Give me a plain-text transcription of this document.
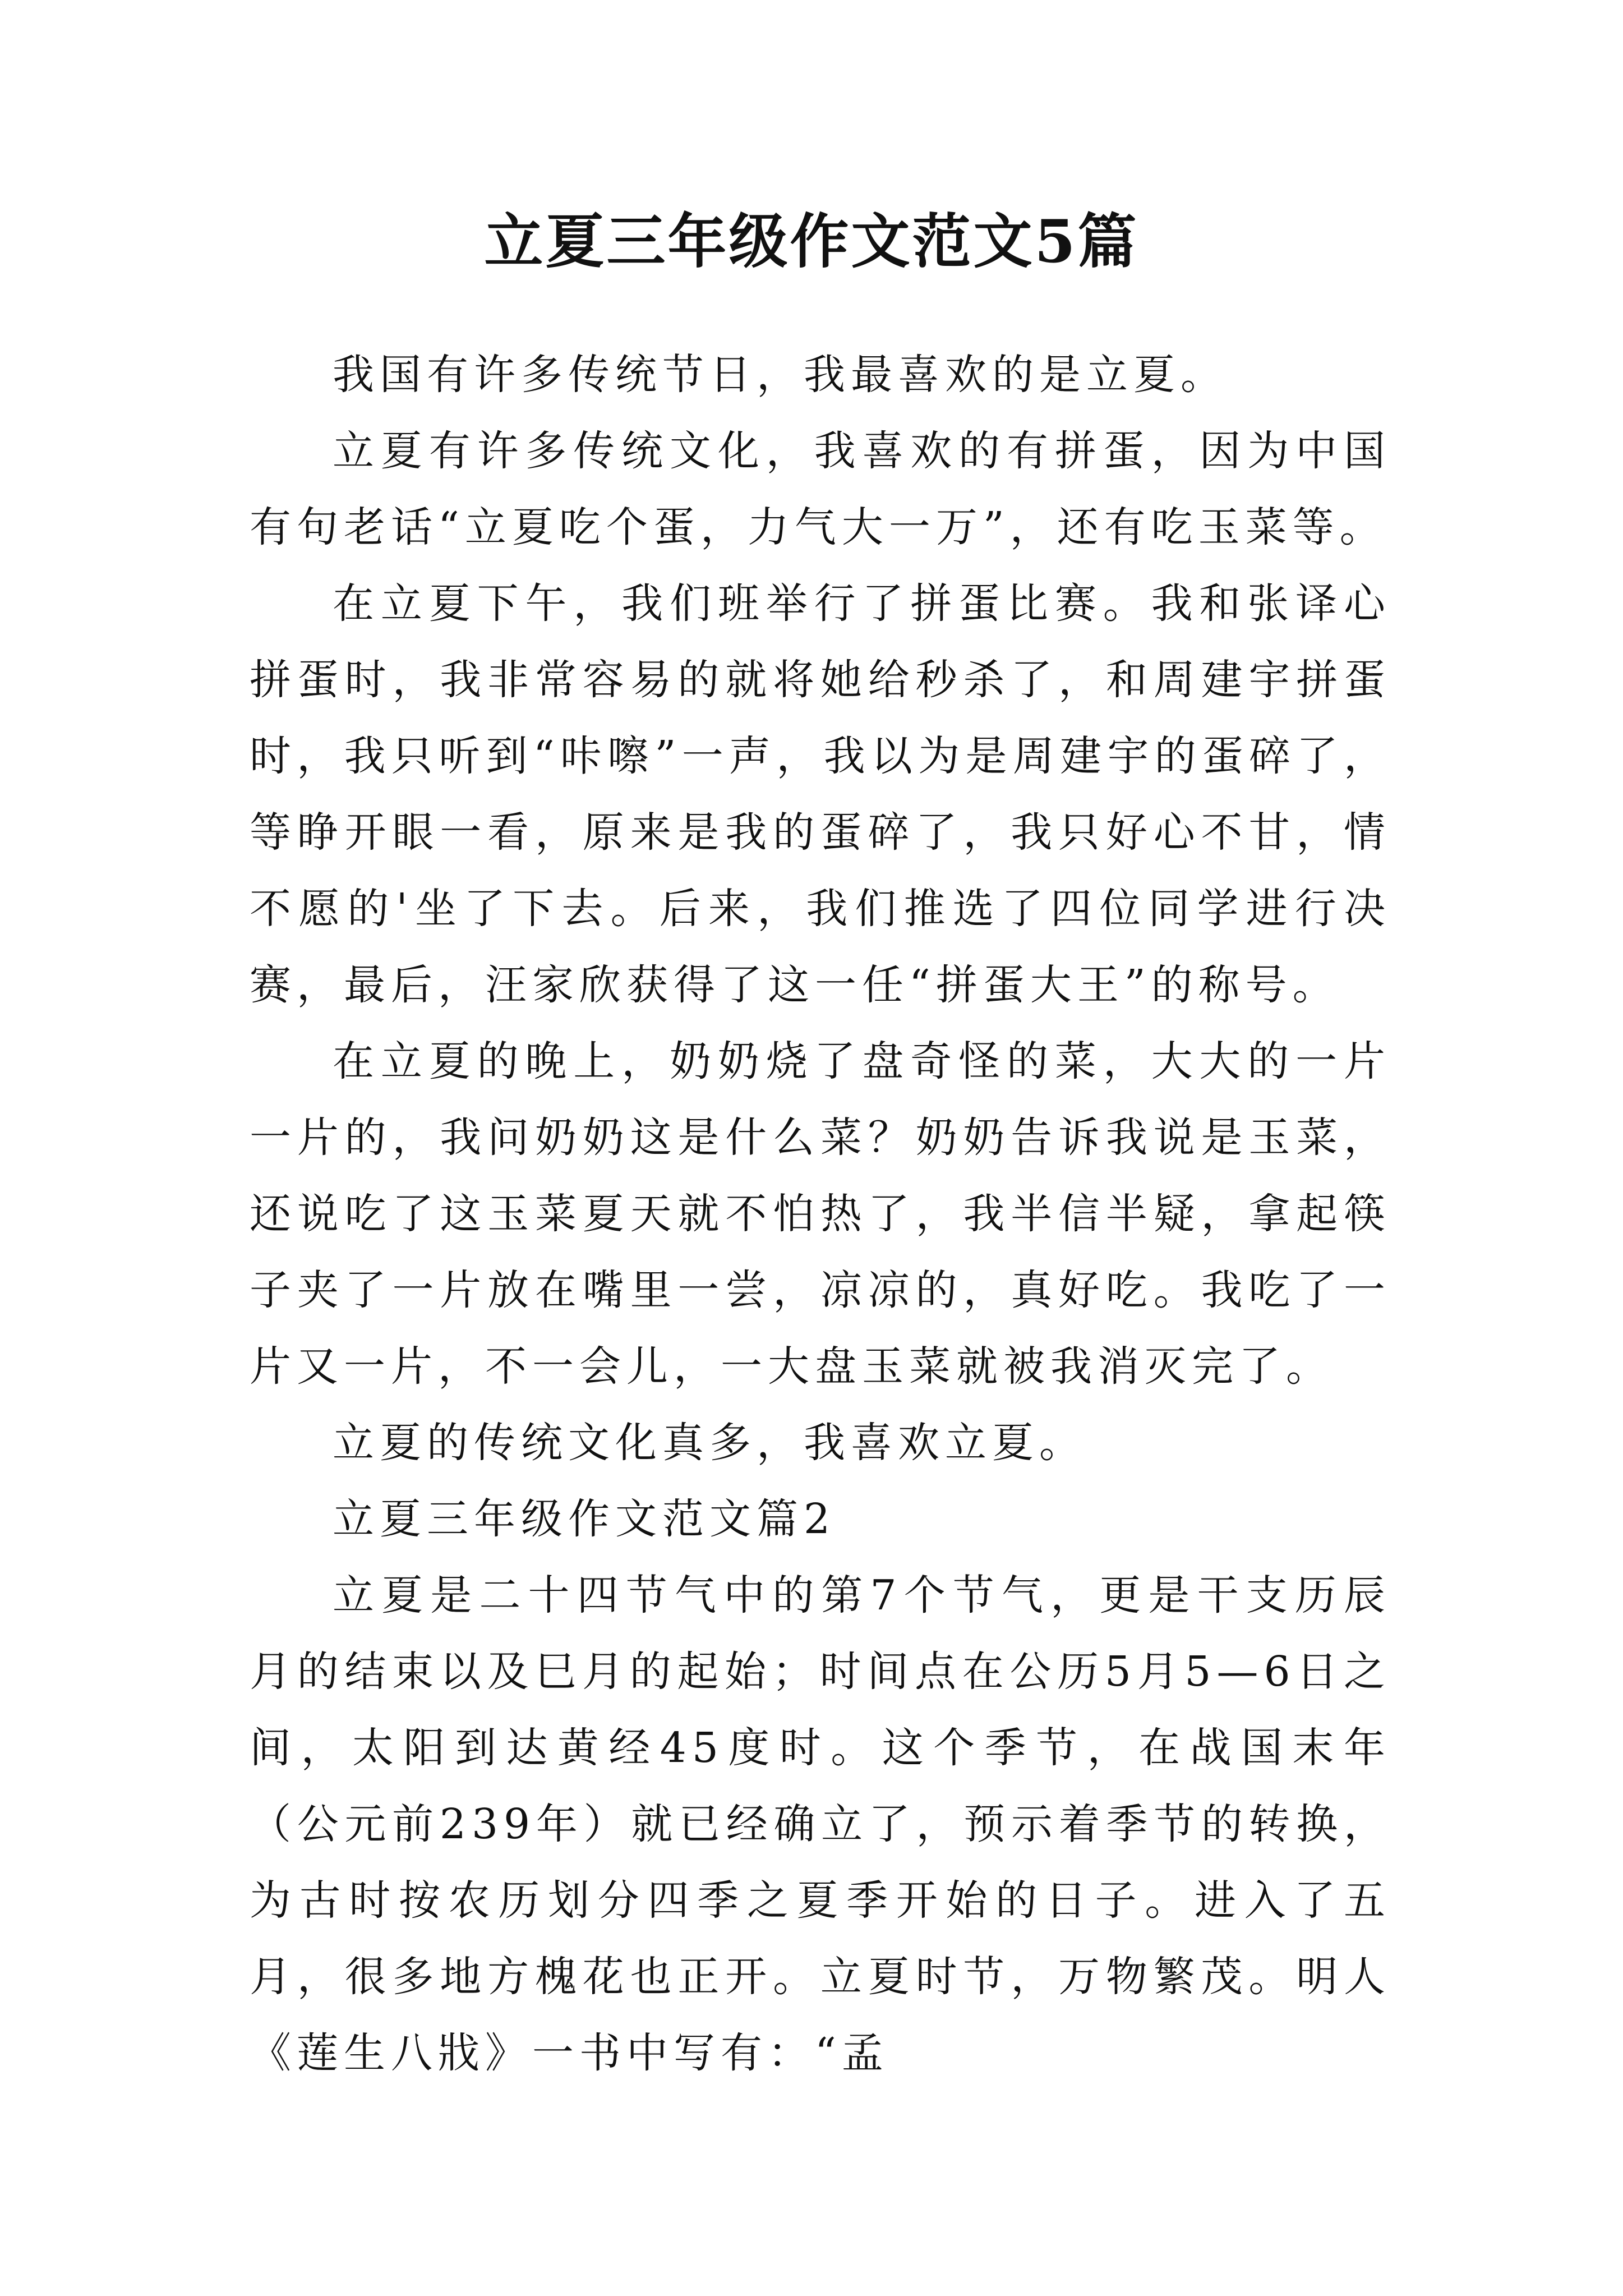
立夏三年级作文范文5篇

我国有许多传统节日，我最喜欢的是立夏。

立夏有许多传统文化，我喜欢的有拼蛋，因为中国有句老话“立夏吃个蛋，力气大一万”，还有吃玉菜等。

在立夏下午，我们班举行了拼蛋比赛。我和张译心拼蛋时，我非常容易的就将她给秒杀了，和周建宇拼蛋时，我只听到“咔嚓”一声，我以为是周建宇的蛋碎了，等睁开眼一看，原来是我的蛋碎了，我只好心不甘，情不愿的'坐了下去。后来，我们推选了四位同学进行决赛，最后，汪家欣获得了这一任“拼蛋大王”的称号。

在立夏的晚上，奶奶烧了盘奇怪的菜，大大的一片一片的，我问奶奶这是什么菜？奶奶告诉我说是玉菜，还说吃了这玉菜夏天就不怕热了，我半信半疑，拿起筷子夹了一片放在嘴里一尝，凉凉的，真好吃。我吃了一片又一片，不一会儿，一大盘玉菜就被我消灭完了。

立夏的传统文化真多，我喜欢立夏。

立夏三年级作文范文篇2

立夏是二十四节气中的第7个节气，更是干支历辰月的结束以及巳月的起始；时间点在公历5月5—6日之间，太阳到达黄经45度时。这个季节，在战国末年（公元前239年）就已经确立了，预示着季节的转换，为古时按农历划分四季之夏季开始的日子。进入了五月，很多地方槐花也正开。立夏时节，万物繁茂。明人《莲生八戕》一书中写有：“孟
